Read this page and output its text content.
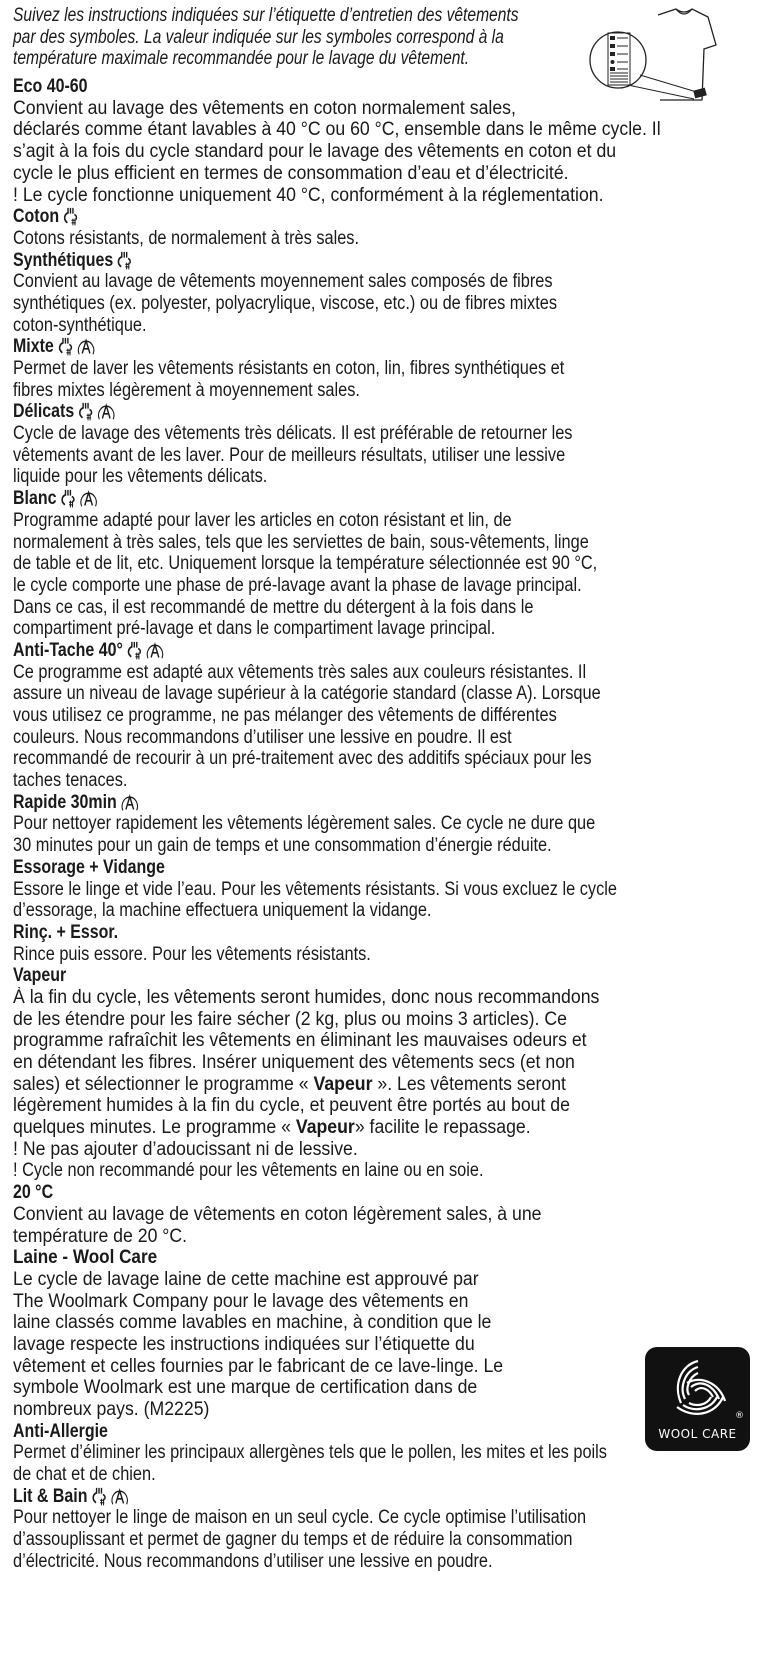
®
WOOL CARE
Suivez les instructions indiquées sur l’étiquette d’entretien des vêtements
par des symboles. La valeur indiquée sur les symboles correspond à la
température maximale recommandée pour le lavage du vêtement.
Eco 40-60
Convient au lavage des vêtements en coton normalement sales,
déclarés comme étant lavables à 40 °C ou 60 °C, ensemble dans le même cycle. Il
s’agit à la fois du cycle standard pour le lavage des vêtements en coton et du
cycle le plus efficient en termes de consommation d’eau et d’électricité.
! Le cycle fonctionne uniquement 40 °C, conformément à la réglementation.
Coton
Cotons résistants, de normalement à très sales.
Synthétiques
Convient au lavage de vêtements moyennement sales composés de fibres
synthétiques (ex. polyester, polyacrylique, viscose, etc.) ou de fibres mixtes
coton-synthétique.
Mixte
Permet de laver les vêtements résistants en coton, lin, fibres synthétiques et
fibres mixtes légèrement à moyennement sales.
Délicats
Cycle de lavage des vêtements très délicats. Il est préférable de retourner les
vêtements avant de les laver. Pour de meilleurs résultats, utiliser une lessive
liquide pour les vêtements délicats.
Blanc
Programme adapté pour laver les articles en coton résistant et lin, de
normalement à très sales, tels que les serviettes de bain, sous-vêtements, linge
de table et de lit, etc. Uniquement lorsque la température sélectionnée est 90 °C,
le cycle comporte une phase de pré-lavage avant la phase de lavage principal.
Dans ce cas, il est recommandé de mettre du détergent à la fois dans le
compartiment pré-lavage et dans le compartiment lavage principal.
Anti-Tache 40°
Ce programme est adapté aux vêtements très sales aux couleurs résistantes. Il
assure un niveau de lavage supérieur à la catégorie standard (classe A). Lorsque
vous utilisez ce programme, ne pas mélanger des vêtements de différentes
couleurs. Nous recommandons d’utiliser une lessive en poudre. Il est
recommandé de recourir à un pré-traitement avec des additifs spéciaux pour les
taches tenaces.
Rapide 30min
Pour nettoyer rapidement les vêtements légèrement sales. Ce cycle ne dure que
30 minutes pour un gain de temps et une consommation d’énergie réduite.
Essorage + Vidange
Essore le linge et vide l’eau. Pour les vêtements résistants. Si vous excluez le cycle
d’essorage, la machine effectuera uniquement la vidange.
Rinç. + Essor.
Rince puis essore. Pour les vêtements résistants.
Vapeur
À la fin du cycle, les vêtements seront humides, donc nous recommandons
de les étendre pour les faire sécher (2 kg, plus ou moins 3 articles). Ce
programme rafraîchit les vêtements en éliminant les mauvaises odeurs et
en détendant les fibres. Insérer uniquement des vêtements secs (et non
sales) et sélectionner le programme « Vapeur ». Les vêtements seront
légèrement humides à la fin du cycle, et peuvent être portés au bout de
quelques minutes. Le programme « Vapeur» facilite le repassage.
! Ne pas ajouter d’adoucissant ni de lessive.
! Cycle non recommandé pour les vêtements en laine ou en soie.
20 °C
Convient au lavage de vêtements en coton légèrement sales, à une
température de 20 °C.
Laine - Wool Care
Le cycle de lavage laine de cette machine est approuvé par
The Woolmark Company pour le lavage des vêtements en
laine classés comme lavables en machine, à condition que le
lavage respecte les instructions indiquées sur l’étiquette du
vêtement et celles fournies par le fabricant de ce lave-linge. Le
symbole Woolmark est une marque de certification dans de
nombreux pays. (M2225)
Anti-Allergie
Permet d’éliminer les principaux allergènes tels que le pollen, les mites et les poils
de chat et de chien.
Lit & Bain
Pour nettoyer le linge de maison en un seul cycle. Ce cycle optimise l’utilisation
d’assouplissant et permet de gagner du temps et de réduire la consommation
d’électricité. Nous recommandons d’utiliser une lessive en poudre.
